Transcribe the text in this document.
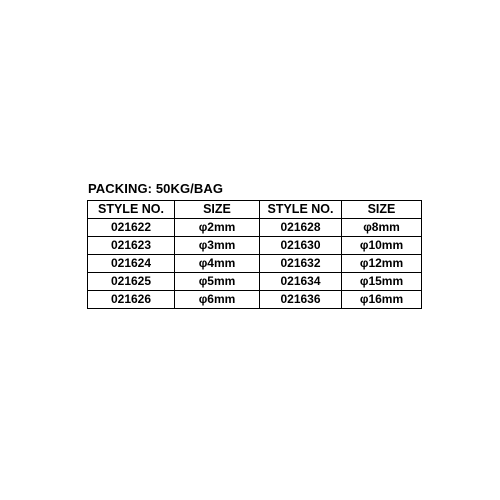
PACKING: 50KG/BAG
STYLE NO.	SIZE	STYLE NO.	SIZE
021622	φ2mm	021628	φ8mm
021623	φ3mm	021630	φ10mm
021624	φ4mm	021632	φ12mm
021625	φ5mm	021634	φ15mm
021626	φ6mm	021636	φ16mm
